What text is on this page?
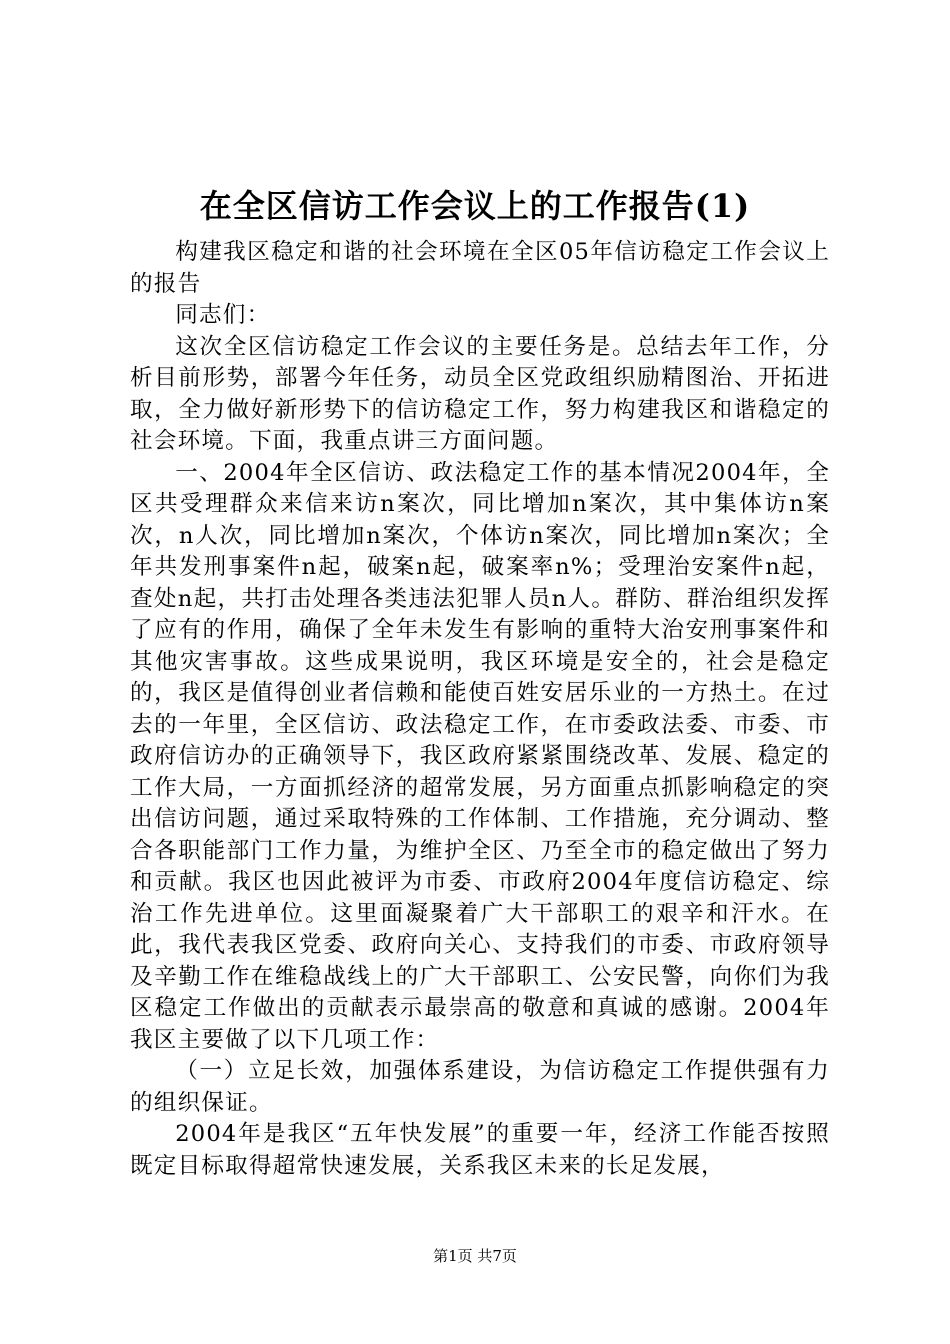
在全区信访工作会议上的工作报告(1)

构建我区稳定和谐的社会环境在全区05年信访稳定工作会议上的报告

同志们：

这次全区信访稳定工作会议的主要任务是。总结去年工作，分析目前形势，部署今年任务，动员全区党政组织励精图治、开拓进取，全力做好新形势下的信访稳定工作，努力构建我区和谐稳定的社会环境。下面，我重点讲三方面问题。

一、2004年全区信访、政法稳定工作的基本情况2004年，全区共受理群众来信来访n案次，同比增加n案次，其中集体访n案次，n人次，同比增加n案次，个体访n案次，同比增加n案次；全年共发刑事案件n起，破案n起，破案率n%；受理治安案件n起，查处n起，共打击处理各类违法犯罪人员n人。群防、群治组织发挥了应有的作用，确保了全年未发生有影响的重特大治安刑事案件和其他灾害事故。这些成果说明，我区环境是安全的，社会是稳定的，我区是值得创业者信赖和能使百姓安居乐业的一方热土。在过去的一年里，全区信访、政法稳定工作，在市委政法委、市委、市政府信访办的正确领导下，我区政府紧紧围绕改革、发展、稳定的工作大局，一方面抓经济的超常发展，另方面重点抓影响稳定的突出信访问题，通过采取特殊的工作体制、工作措施，充分调动、整合各职能部门工作力量，为维护全区、乃至全市的稳定做出了努力和贡献。我区也因此被评为市委、市政府2004年度信访稳定、综治工作先进单位。这里面凝聚着广大干部职工的艰辛和汗水。在此，我代表我区党委、政府向关心、支持我们的市委、市政府领导及辛勤工作在维稳战线上的广大干部职工、公安民警，向你们为我区稳定工作做出的贡献表示最崇高的敬意和真诚的感谢。2004年我区主要做了以下几项工作：

（一）立足长效，加强体系建设，为信访稳定工作提供强有力的组织保证。

2004年是我区“五年快发展”的重要一年，经济工作能否按照既定目标取得超常快速发展，关系我区未来的长足发展，

第1页 共7页
